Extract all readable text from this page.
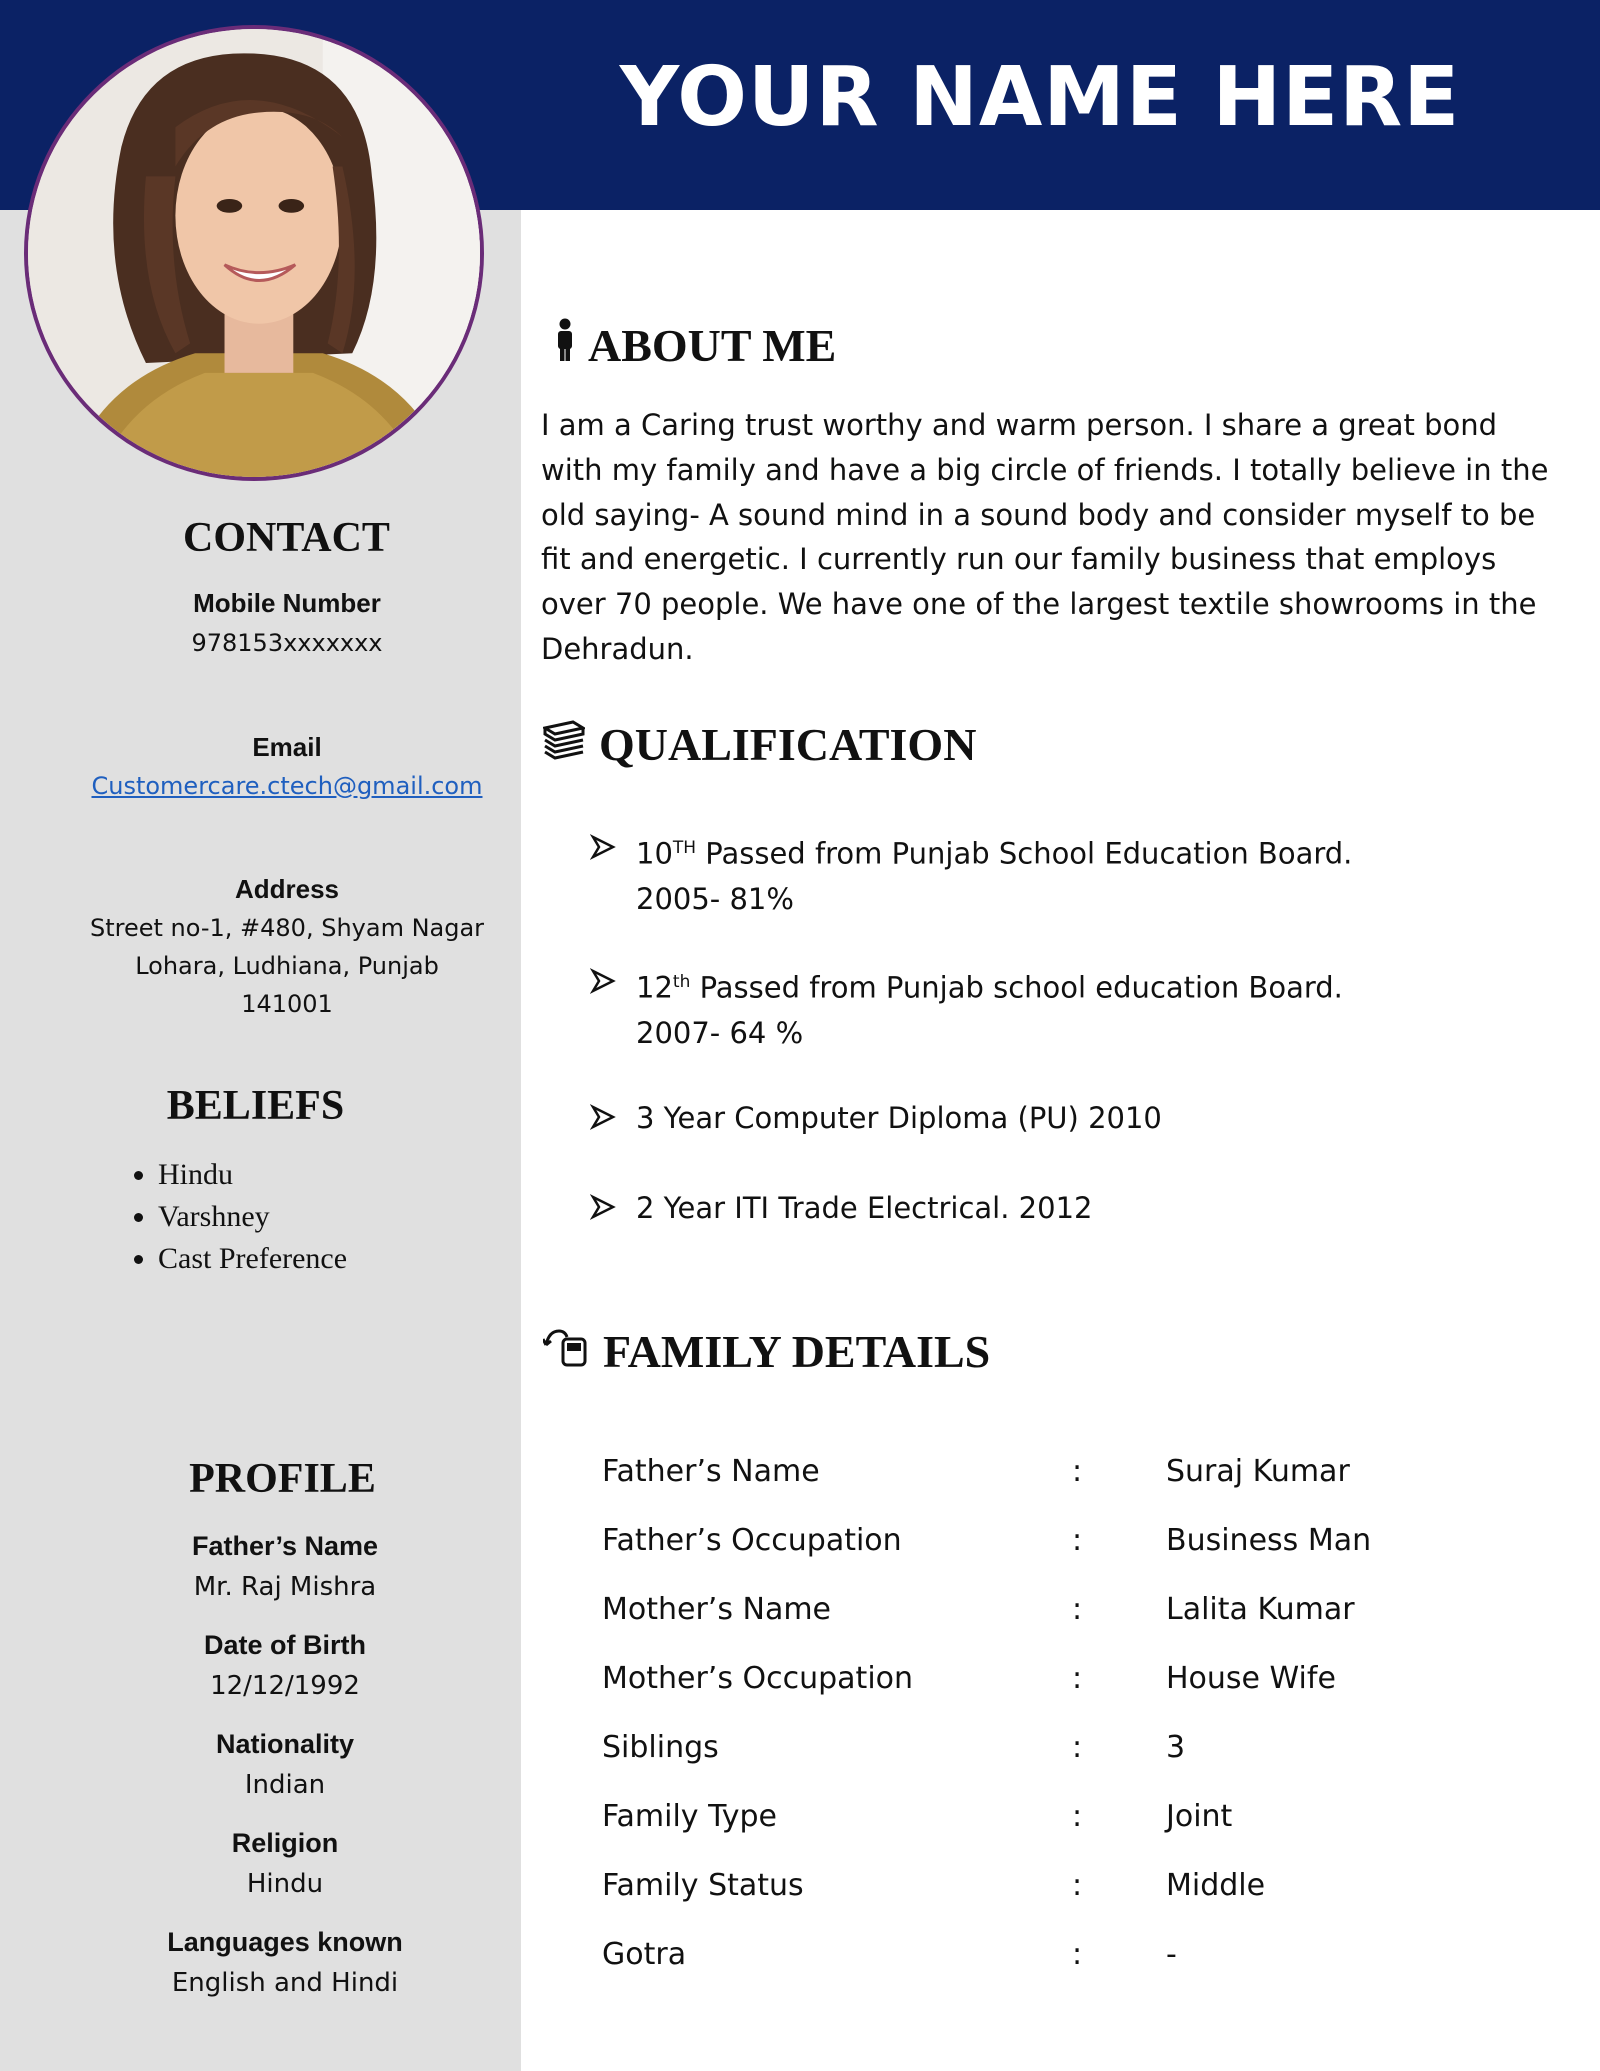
YOUR NAME HERE
CONTACT
Mobile Number
978153xxxxxxx
Email
Customercare.ctech@gmail.com
Address
Street no-1, #480, Shyam Nagar
Lohara, Ludhiana, Punjab
141001
BELIEFS
• Hindu
• Varshney
• Cast Preference
PROFILE
Father’s Name
Mr. Raj Mishra
Date of Birth
12/12/1992
Nationality
Indian
Religion
Hindu
Languages known
English and Hindi
ABOUT ME
I am a Caring trust worthy and warm person. I share a great bond
with my family and have a big circle of friends. I totally believe in the
old saying- A sound mind in a sound body and consider myself to be
fit and energetic. I currently run our family business that employs
over 70 people. We have one of the largest textile showrooms in the
Dehradun.
QUALIFICATION
10TH Passed from Punjab School Education Board.
2005- 81%
12th Passed from Punjab school education Board.
2007- 64 %
3 Year Computer Diploma (PU) 2010
2 Year ITI Trade Electrical. 2012
FAMILY DETAILS
Father’s Name	:	Suraj Kumar
Father’s Occupation	:	Business Man
Mother’s Name	:	Lalita Kumar
Mother’s Occupation	:	House Wife
Siblings	:	3
Family Type	:	Joint
Family Status	:	Middle
Gotra	:	-
